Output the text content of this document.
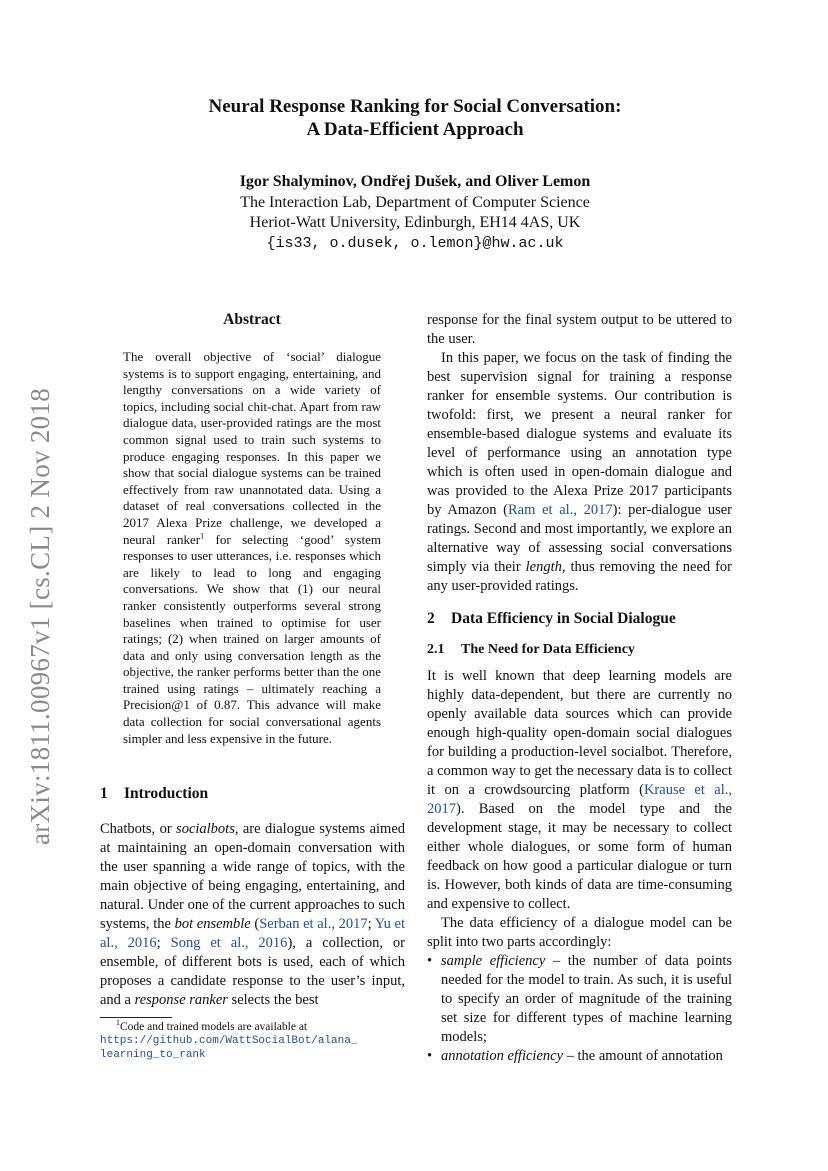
arXiv:1811.00967v1 [cs.CL] 2 Nov 2018
Neural Response Ranking for Social Conversation:
A Data-Efficient Approach
Igor Shalyminov, Ondřej Dušek, and Oliver Lemon
The Interaction Lab, Department of Computer Science
Heriot-Watt University, Edinburgh, EH14 4AS, UK
{is33, o.dusek, o.lemon}@hw.ac.uk
Abstract
The overall objective of ‘social’ dialogue systems is to support engaging, entertaining, and lengthy conversations on a wide variety of topics, including social chit-chat. Apart from raw dialogue data, user-provided ratings are the most common signal used to train such systems to produce engaging responses. In this paper we show that social dialogue systems can be trained effectively from raw unannotated data. Using a dataset of real conversations collected in the 2017 Alexa Prize challenge, we developed a neural ranker$^1$ for selecting ‘good’ system responses to user utterances, i.e. responses which are likely to lead to long and engaging conversations. We show that (1) our neural ranker consistently outperforms several strong baselines when trained to optimise for user ratings; (2) when trained on larger amounts of data and only using conversation length as the objective, the ranker performs better than the one trained using ratings – ultimately reaching a Precision@1 of 0.87. This advance will make data collection for social conversational agents simpler and less expensive in the future.
1 Introduction

Chatbots, or socialbots, are dialogue systems aimed at maintaining an open-domain conversation with the user spanning a wide range of topics, with the main objective of being engaging, entertaining, and natural. Under one of the current approaches to such systems, the bot ensemble (Serban et al., 2017; Yu et al., 2016; Song et al., 2016), a collection, or ensemble, of different bots is used, each of which proposes a candidate response to the user’s input, and a response ranker selects the best

$^1$Code and trained models are available at
https://github.com/WattSocialBot/alana_
learning_to_rank

response for the final system output to be uttered to the user.

In this paper, we focus on the task of finding the best supervision signal for training a response ranker for ensemble systems. Our contribution is twofold: first, we present a neural ranker for ensemble-based dialogue systems and evaluate its level of performance using an annotation type which is often used in open-domain dialogue and was provided to the Alexa Prize 2017 participants by Amazon (Ram et al., 2017): per-dialogue user ratings. Second and most importantly, we explore an alternative way of assessing social conversations simply via their length, thus removing the need for any user-provided ratings.

2 Data Efficiency in Social Dialogue
2.1 The Need for Data Efficiency

It is well known that deep learning models are highly data-dependent, but there are currently no openly available data sources which can provide enough high-quality open-domain social dialogues for building a production-level socialbot. Therefore, a common way to get the necessary data is to collect it on a crowdsourcing platform (Krause et al., 2017). Based on the model type and the development stage, it may be necessary to collect either whole dialogues, or some form of human feedback on how good a particular dialogue or turn is. However, both kinds of data are time-consuming and expensive to collect.

The data efficiency of a dialogue model can be split into two parts accordingly:

• sample efficiency – the number of data points needed for the model to train. As such, it is useful to specify an order of magnitude of the training set size for different types of machine learning models;
• annotation efficiency – the amount of annotation
